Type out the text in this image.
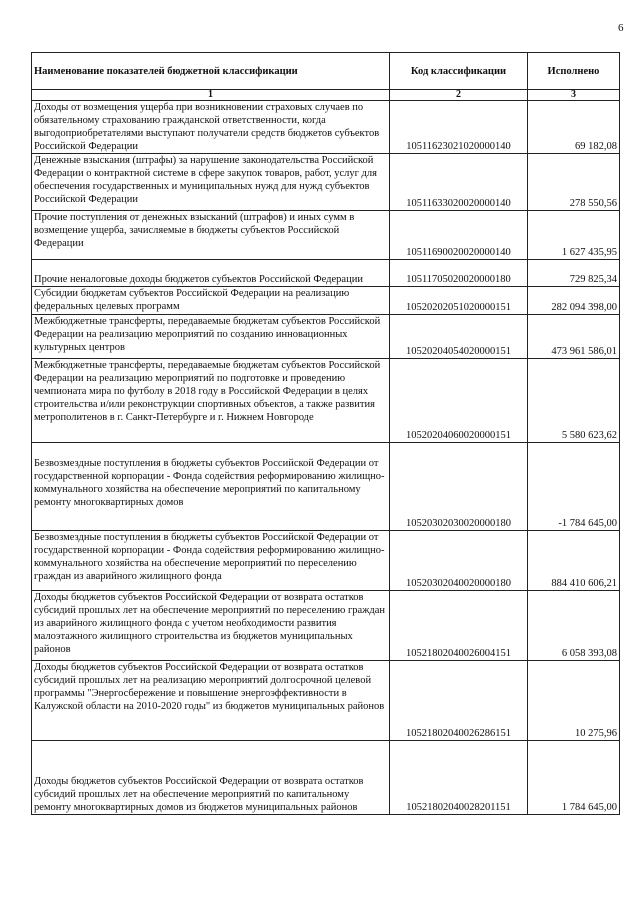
6
Наименование показателей бюджетной классификации	Код классификации	Исполнено
1	2	3
Доходы от возмещения ущерба при возникновении страховых случаев по обязательному страхованию гражданской ответственности, когда выгодоприобретателями выступают получатели средств бюджетов субъектов Российской Федерации	10511623021020000140	69 182,08
Денежные взыскания (штрафы) за нарушение законодательства Российской Федерации о контрактной системе в сфере закупок товаров, работ, услуг для обеспечения государственных и муниципальных нужд для нужд субъектов Российской Федерации	10511633020020000140	278 550,56
Прочие поступления от денежных взысканий (штрафов) и иных сумм в возмещение ущерба, зачисляемые в бюджеты субъектов Российской Федерации	10511690020020000140	1 627 435,95
Прочие неналоговые доходы бюджетов субъектов Российской Федерации	10511705020020000180	729 825,34
Субсидии бюджетам субъектов Российской Федерации на реализацию федеральных целевых программ	10520202051020000151	282 094 398,00
Межбюджетные трансферты, передаваемые бюджетам субъектов Российской Федерации на реализацию мероприятий по созданию инновационных культурных центров	10520204054020000151	473 961 586,01
Межбюджетные трансферты, передаваемые бюджетам субъектов Российской Федерации на реализацию мероприятий по подготовке и проведению чемпионата мира по футболу в 2018 году в Российской Федерации в целях строительства и/или реконструкции спортивных объектов, а также развития метрополитенов в г. Санкт-Петербурге и г. Нижнем Новгороде	10520204060020000151	5 580 623,62
Безвозмездные поступления в бюджеты субъектов Российской Федерации от государственной корпорации - Фонда содействия реформированию жилищно-коммунального хозяйства на обеспечение мероприятий по капитальному ремонту многоквартирных домов	10520302030020000180	-1 784 645,00
Безвозмездные поступления в бюджеты субъектов Российской Федерации от государственной корпорации - Фонда содействия реформированию жилищно-коммунального хозяйства на обеспечение мероприятий по переселению граждан из аварийного жилищного фонда	10520302040020000180	884 410 606,21
Доходы бюджетов субъектов Российской Федерации от возврата остатков субсидий прошлых лет на обеспечение мероприятий по переселению граждан из аварийного жилищного фонда с учетом необходимости развития малоэтажного жилищного строительства из бюджетов муниципальных районов	10521802040026004151	6 058 393,08
Доходы бюджетов субъектов Российской Федерации от возврата остатков субсидий прошлых лет на реализацию мероприятий долгосрочной целевой программы "Энергосбережение и повышение энергоэффективности в Калужской области на 2010-2020 годы" из бюджетов муниципальных районов	10521802040026286151	10 275,96
Доходы бюджетов субъектов Российской Федерации от возврата остатков субсидий прошлых лет на обеспечение мероприятий по капитальному ремонту многоквартирных домов из бюджетов муниципальных районов	10521802040028201151	1 784 645,00
